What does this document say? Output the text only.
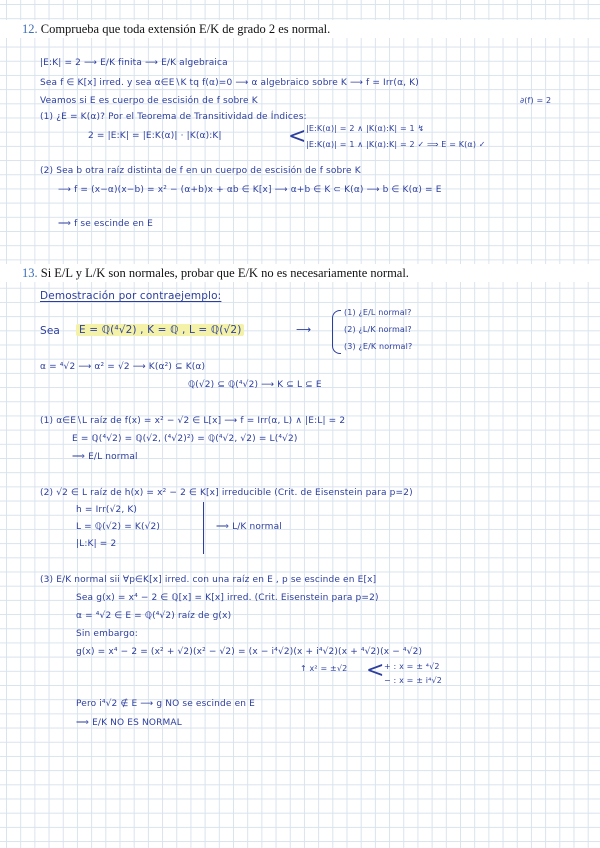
12. Comprueba que toda extensión E/K de grado 2 es normal.
|E:K| = 2 ⟶ E/K finita ⟶ E/K algebraica
Sea f ∈ K[x] irred. y sea α∈E∖K tq f(α)=0 ⟶ α algebraico sobre K ⟶ f = Irr(α, K)
Veamos si E es cuerpo de escisión de f sobre K	∂(f) = 2
(1) ¿E = K(α)? Por el Teorema de Transitividad de Índices:
2 = |E:K| = |E:K(α)| · |K(α):K|	< |E:K(α)| = 2 ∧ |K(α):K| = 1 ↯
|E:K(α)| = 1 ∧ |K(α):K| = 2 ✓ ⟹ E = K(α) ✓
(2) Sea b otra raíz distinta de f en un cuerpo de escisión de f sobre K
⟶ f = (x−α)(x−b) = x² − (α+b)x + αb ∈ K[x] ⟶ α+b ∈ K ⊂ K(α) ⟶ b ∈ K(α) = E
⟹ f se escinde en E
13. Si E/L y L/K son normales, probar que E/K no es necesariamente normal.
Demostración por contraejemplo:
Sea E = ℚ(⁴√2) , K = ℚ , L = ℚ(√2)	⟶
(1) ¿E/L normal?
(2) ¿L/K normal?
(3) ¿E/K normal?
α = ⁴√2 ⟶ α² = √2 ⟶ K(α²) ⊆ K(α)
ℚ(√2) ⊆ ℚ(⁴√2) ⟶ K ⊆ L ⊆ E
(1) α∈E∖L raíz de f(x) = x² − √2 ∈ L[x] ⟶ f = Irr(α, L) ∧ |E:L| = 2
E = ℚ(⁴√2) = ℚ(√2, (⁴√2)²) = ℚ(⁴√2, √2) = L(⁴√2)
⟹ E/L normal
(2) √2 ∈ L raíz de h(x) = x² − 2 ∈ K[x] irreducible (Crit. de Eisenstein para p=2)
h = Irr(√2, K)
L = ℚ(√2) = K(√2)
|L:K| = 2
⟹ L/K normal
(3) E/K normal sii ∀p∈K[x] irred. con una raíz en E , p se escinde en E[x]
Sea g(x) = x⁴ − 2 ∈ ℚ[x] = K[x] irred. (Crit. Eisenstein para p=2)
α = ⁴√2 ∈ E = ℚ(⁴√2) raíz de g(x)
Sin embargo:
g(x) = x⁴ − 2 = (x² + √2)(x² − √2) = (x − i⁴√2)(x + i⁴√2)(x + ⁴√2)(x − ⁴√2)
↑ x² = ±√2 < + : x = ± ⁴√2
− : x = ± i⁴√2
Pero i⁴√2 ∉ E ⟶ g NO se escinde en E
⟹ E/K NO ES NORMAL
